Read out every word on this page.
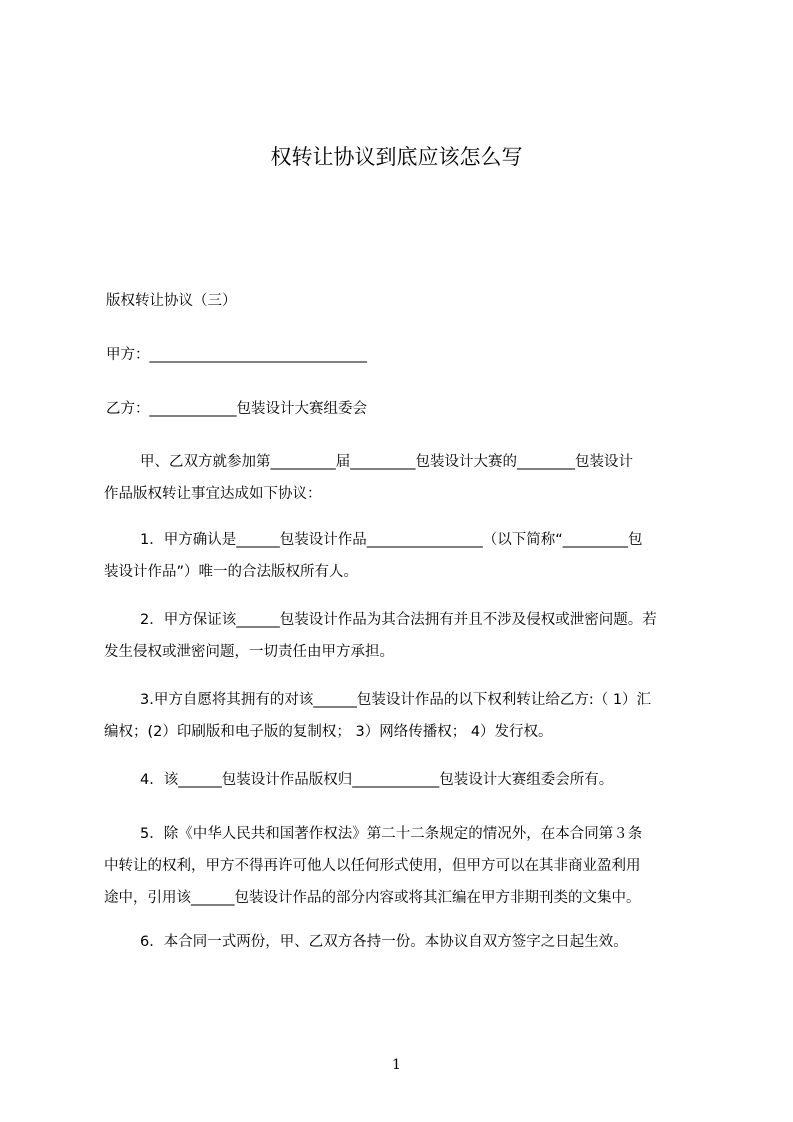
权转让协议到底应该怎么写
版权转让协议（三）
甲方：______________________________
乙方：____________包装设计大赛组委会
甲、乙双方就参加第_________届_________包装设计大赛的________包装设计
作品版权转让事宜达成如下协议：
1．甲方确认是______包装设计作品________________（以下简称“_________包
装设计作品”）唯一的合法版权所有人。
2．甲方保证该______包装设计作品为其合法拥有并且不涉及侵权或泄密问题。若
发生侵权或泄密问题，一切责任由甲方承担。
3.甲方自愿将其拥有的对该______包装设计作品的以下权利转让给乙方:（ 1）汇
编权；(2）印刷版和电子版的复制权； 3）网络传播权； 4）发行权。
4．该______包装设计作品版权归____________包装设计大赛组委会所有。
5．除《中华人民共和国著作权法》第二十二条规定的情况外，在本合同第３条
中转让的权利，甲方不得再许可他人以任何形式使用，但甲方可以在其非商业盈利用
途中，引用该______包装设计作品的部分内容或将其汇编在甲方非期刊类的文集中。
6．本合同一式两份，甲、乙双方各持一份。本协议自双方签字之日起生效。
1
